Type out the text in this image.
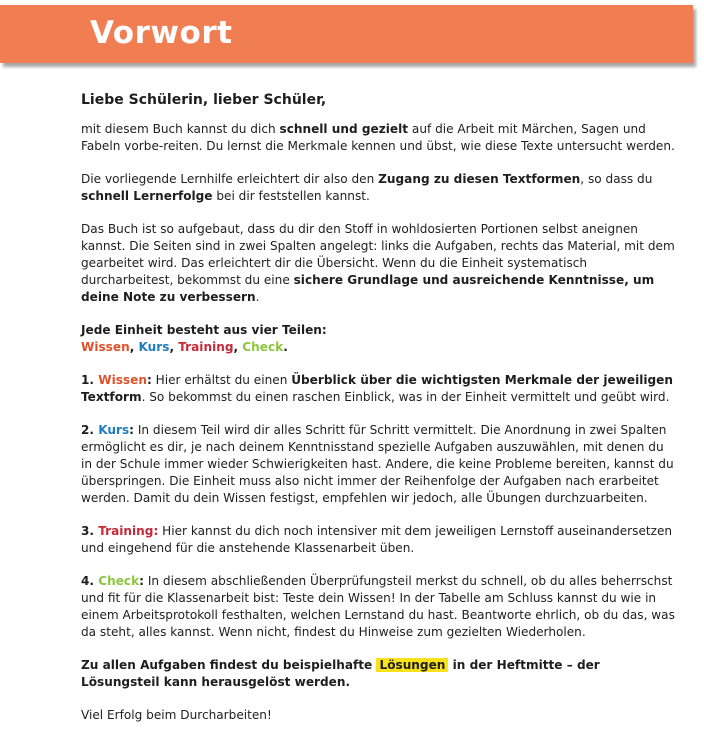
Vorwort
Liebe Schülerin, lieber Schüler,

mit diesem Buch kannst du dich schnell und gezielt auf die Arbeit mit Märchen, Sagen und Fabeln vorbe-reiten. Du lernst die Merkmale kennen und übst, wie diese Texte untersucht werden.

Die vorliegende Lernhilfe erleichtert dir also den Zugang zu diesen Textformen, so dass du schnell Lernerfolge bei dir feststellen kannst.

Das Buch ist so aufgebaut, dass du dir den Stoff in wohldosierten Portionen selbst aneignen kannst. Die Seiten sind in zwei Spalten angelegt: links die Aufgaben, rechts das Material, mit dem gearbeitet wird. Das erleichtert dir die Übersicht. Wenn du die Einheit systematisch durcharbeitest, bekommst du eine sichere Grundlage und ausreichende Kenntnisse, um deine Note zu verbessern.

Jede Einheit besteht aus vier Teilen:
Wissen, Kurs, Training, Check.

1. Wissen: Hier erhältst du einen Überblick über die wichtigsten Merkmale der jeweiligen Textform. So bekommst du einen raschen Einblick, was in der Einheit vermittelt und geübt wird.

2. Kurs: In diesem Teil wird dir alles Schritt für Schritt vermittelt. Die Anordnung in zwei Spalten ermöglicht es dir, je nach deinem Kenntnisstand spezielle Aufgaben auszuwählen, mit denen du in der Schule immer wieder Schwierigkeiten hast. Andere, die keine Probleme bereiten, kannst du überspringen. Die Einheit muss also nicht immer der Reihenfolge der Aufgaben nach erarbeitet werden. Damit du dein Wissen festigst, empfehlen wir jedoch, alle Übungen durchzuarbeiten.

3. Training: Hier kannst du dich noch intensiver mit dem jeweiligen Lernstoff auseinandersetzen und eingehend für die anstehende Klassenarbeit üben.

4. Check: In diesem abschließenden Überprüfungsteil merkst du schnell, ob du alles beherrschst und fit für die Klassenarbeit bist: Teste dein Wissen! In der Tabelle am Schluss kannst du wie in einem Arbeitsprotokoll festhalten, welchen Lernstand du hast. Beantworte ehrlich, ob du das, was da steht, alles kannst. Wenn nicht, findest du Hinweise zum gezielten Wiederholen.

Zu allen Aufgaben findest du beispielhafte Lösungen in der Heftmitte – der Lösungsteil kann herausgelöst werden.

Viel Erfolg beim Durcharbeiten!
